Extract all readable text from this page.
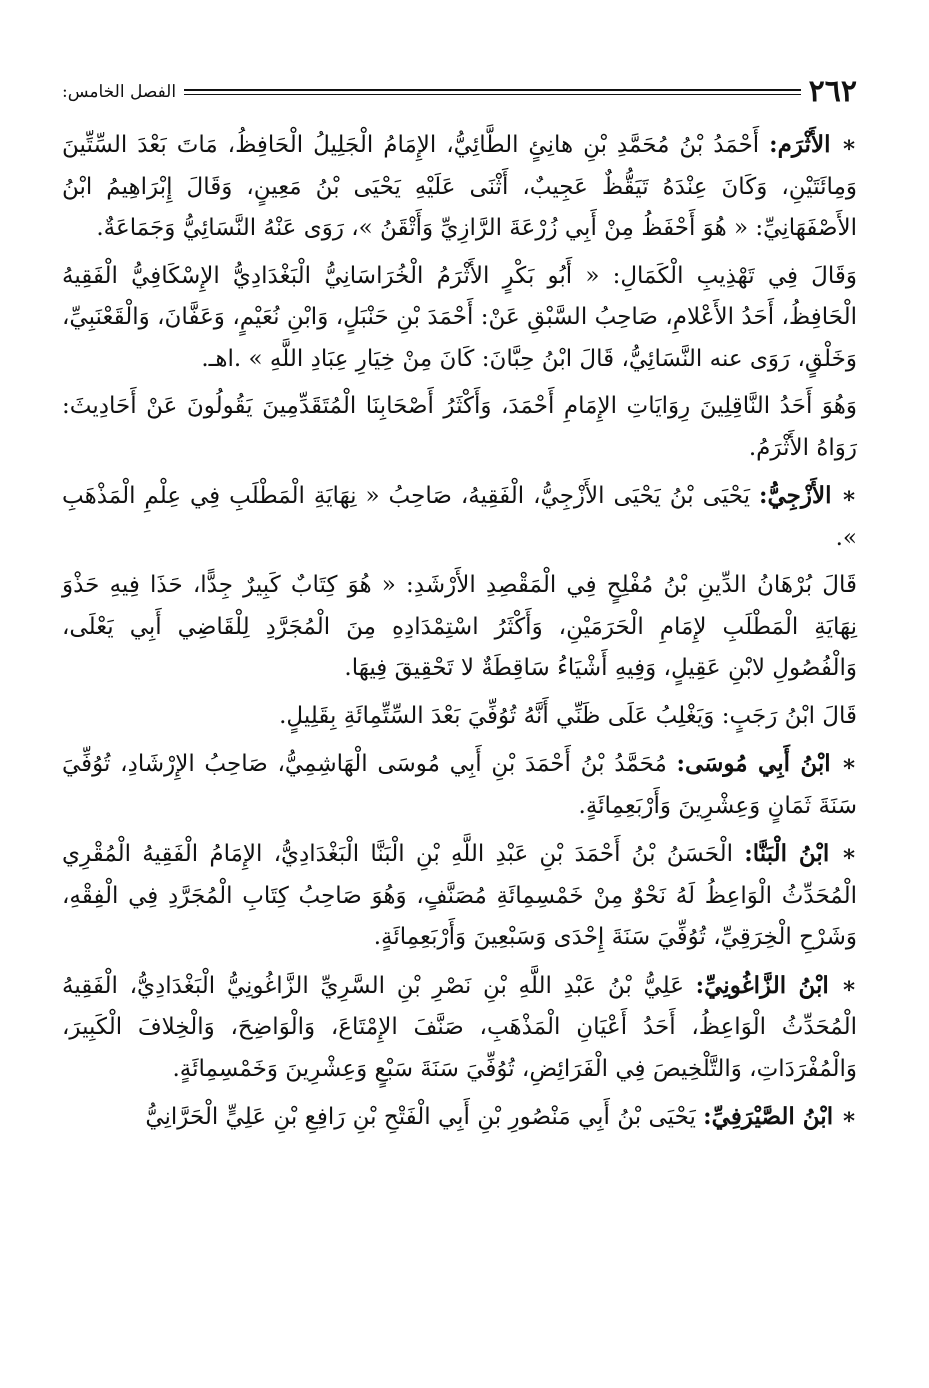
٢٦٢
الفصل الخامس:

∗ الأَثْرَم: أَحْمَدُ بْنُ مُحَمَّدِ بْنِ هانِئٍ الطَّائِيُّ، الإِمَامُ الْجَلِيلُ الْحَافِظُ، مَاتَ بَعْدَ السِّتِّينَ وَمِائَتَيْنِ، وَكَانَ عِنْدَهُ تَيَقُّظٌ عَجِيبٌ، أَثْنَى عَلَيْهِ يَحْيَى بْنُ مَعِينٍ، وَقَالَ إِبْرَاهِيمُ ابْنُ الأَصْفَهَانِيِّ: « هُوَ أَحْفَظُ مِنْ أَبِي زُرْعَةَ الرَّازِيِّ وَأَتْقَنُ »، رَوَى عَنْهُ النَّسَائِيُّ وَجَمَاعَةٌ.

وَقَالَ فِي تَهْذِيبِ الْكَمَالِ: « أَبُو بَكْرٍ الأَثْرَمُ الْخُرَاسَانِيُّ الْبَغْدَادِيُّ الإِسْكَافِيُّ الْفَقِيهُ الْحَافِظُ، أَحَدُ الأَعْلامِ، صَاحِبُ السَّبْقِ عَنْ: أَحْمَدَ بْنِ حَنْبَلٍ، وَابْنِ نُعَيْمٍ، وَعَفَّانَ، وَالْقَعْنَبِيِّ، وَخَلْقٍ، رَوَى عنه النَّسَائِيُّ، قَالَ ابْنُ حِبَّانَ: كَانَ مِنْ خِيَارِ عِبَادِ اللَّهِ » .اهـ.

وَهُوَ أَحَدُ النَّاقِلِينَ رِوَايَاتِ الإِمَامِ أَحْمَدَ، وَأَكْثَرُ أَصْحَابِنَا الْمُتَقَدِّمِينَ يَقُولُونَ عَنْ أَحَادِيثَ: رَوَاهُ الأَثْرَمُ.

∗ الأَزْجِيُّ: يَحْيَى بْنُ يَحْيَى الأَزْجِيُّ، الْفَقِيهُ، صَاحِبُ « نِهَايَةِ الْمَطْلَبِ فِي عِلْمِ الْمَذْهَبِ ».

قَالَ بُرْهَانُ الدِّينِ بْنُ مُفْلِحٍ فِي الْمَقْصِدِ الأَرْشَدِ: « هُوَ كِتَابٌ كَبِيرٌ جِدًّا، حَذَا فِيهِ حَذْوَ نِهَايَةِ الْمَطْلَبِ لإِمَامِ الْحَرَمَيْنِ، وَأَكْثَرُ اسْتِمْدَادِهِ مِنَ الْمُجَرَّدِ لِلْقَاضِي أَبِي يَعْلَى، وَالْفُصُولِ لابْنِ عَقِيلٍ، وَفِيهِ أَشْيَاءُ سَاقِطَةٌ لا تَحْقِيقَ فِيهَا.

قَالَ ابْنُ رَجَبٍ: وَيَغْلِبُ عَلَى ظَنِّي أَنَّهُ تُوُفِّيَ بَعْدَ السِّتِّمِائَةِ بِقَلِيلٍ.

∗ ابْنُ أَبِي مُوسَى: مُحَمَّدُ بْنُ أَحْمَدَ بْنِ أَبِي مُوسَى الْهَاشِمِيُّ، صَاحِبُ الإِرْشَادِ، تُوُفِّيَ سَنَةَ ثَمَانٍ وَعِشْرِينَ وَأَرْبَعِمِائَةٍ.

∗ ابْنُ الْبَنَّا: الْحَسَنُ بْنُ أَحْمَدَ بْنِ عَبْدِ اللَّهِ بْنِ الْبَنَّا الْبَغْدَادِيُّ، الإِمَامُ الْفَقِيهُ الْمُقْرِي الْمُحَدِّثُ الْوَاعِظُ لَهُ نَحْوٌ مِنْ خَمْسِمِائَةِ مُصَنَّفٍ، وَهُوَ صَاحِبُ كِتَابِ الْمُجَرَّدِ فِي الْفِقْهِ، وَشَرْحِ الْخِرَقِيِّ، تُوُفِّيَ سَنَةَ إِحْدَى وَسَبْعِينَ وَأَرْبَعِمِائَةٍ.

∗ ابْنُ الزَّاغُونِيِّ: عَلِيُّ بْنُ عَبْدِ اللَّهِ بْنِ نَصْرِ بْنِ السَّرِيِّ الزَّاغُونِيُّ الْبَغْدَادِيُّ، الْفَقِيهُ الْمُحَدِّثُ الْوَاعِظُ، أَحَدُ أَعْيَانِ الْمَذْهَبِ، صَنَّفَ الإِمْتَاعَ، وَالْوَاضِحَ، وَالْخِلافَ الْكَبِيرَ، وَالْمُفْرَدَاتِ، وَالتَّلْخِيصَ فِي الْفَرَائِضِ، تُوُفِّيَ سَنَةَ سَبْعٍ وَعِشْرِينَ وَخَمْسِمِائَةٍ.

∗ ابْنُ الصَّيْرَفِيِّ: يَحْيَى بْنُ أَبِي مَنْصُورِ بْنِ أَبِي الْفَتْحِ بْنِ رَافِعِ بْنِ عَلِيٍّ الْحَرَّانِيُّ
